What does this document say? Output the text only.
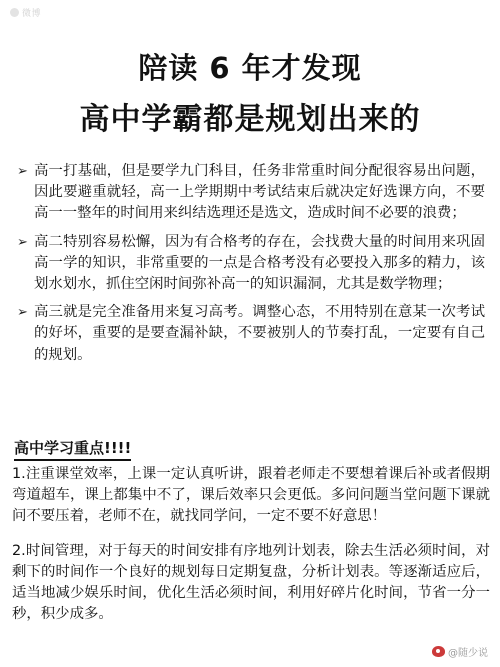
微博
陪读 6 年才发现
高中学霸都是规划出来的
➢ 高一打基础，但是要学九门科目，任务非常重时间分配很容易出问题，因此要避重就轻，高一上学期期中考试结束后就决定好选课方向，不要高一一整年的时间用来纠结选理还是选文，造成时间不必要的浪费；
➢ 高二特别容易松懈，因为有合格考的存在，会找费大量的时间用来巩固高一学的知识，非常重要的一点是合格考没有必要投入那多的精力，该划水划水，抓住空闲时间弥补高一的知识漏洞，尤其是数学物理；
➢ 高三就是完全准备用来复习高考。调整心态，不用特别在意某一次考试的好坏，重要的是要查漏补缺，不要被别人的节奏打乱，一定要有自己的规划。
高中学习重点!!!!
1.注重课堂效率，上课一定认真听讲，跟着老师走不要想着课后补或者假期弯道超车，课上都集中不了，课后效率只会更低。多问问题当堂问题下课就问不要压着，老师不在，就找同学问，一定不要不好意思！
2.时间管理，对于每天的时间安排有序地列计划表，除去生活必须时间，对剩下的时间作一个良好的规划每日定期复盘，分析计划表。等逐渐适应后，适当地减少娱乐时间，优化生活必须时间，利用好碎片化时间，节省一分一秒，积少成多。
@随少说
